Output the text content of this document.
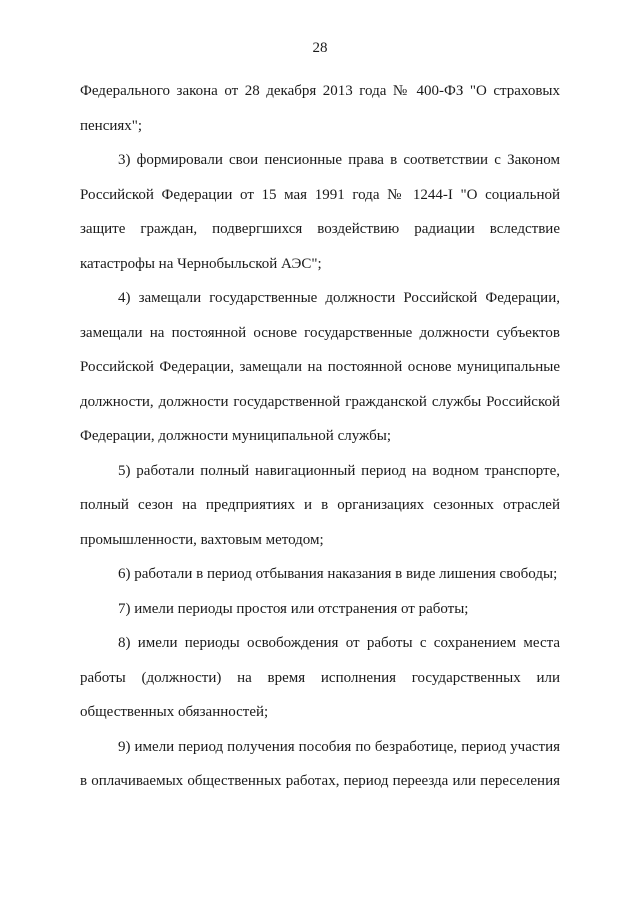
28
Федерального закона от 28 декабря 2013 года № 400-ФЗ "О страховых
пенсиях";
3) формировали свои пенсионные права в соответствии с Законом
Российской Федерации от 15 мая 1991 года № 1244-I "О социальной
защите граждан, подвергшихся воздействию радиации вследствие
катастрофы на Чернобыльской АЭС";
4) замещали государственные должности Российской Федерации,
замещали на постоянной основе государственные должности субъектов
Российской Федерации, замещали на постоянной основе муниципальные
должности, должности государственной гражданской службы Российской
Федерации, должности муниципальной службы;
5) работали полный навигационный период на водном транспорте,
полный сезон на предприятиях и в организациях сезонных отраслей
промышленности, вахтовым методом;
6) работали в период отбывания наказания в виде лишения свободы;
7) имели периоды простоя или отстранения от работы;
8) имели периоды освобождения от работы с сохранением места
работы (должности) на время исполнения государственных или
общественных обязанностей;
9) имели период получения пособия по безработице, период участия
в оплачиваемых общественных работах, период переезда или переселения
